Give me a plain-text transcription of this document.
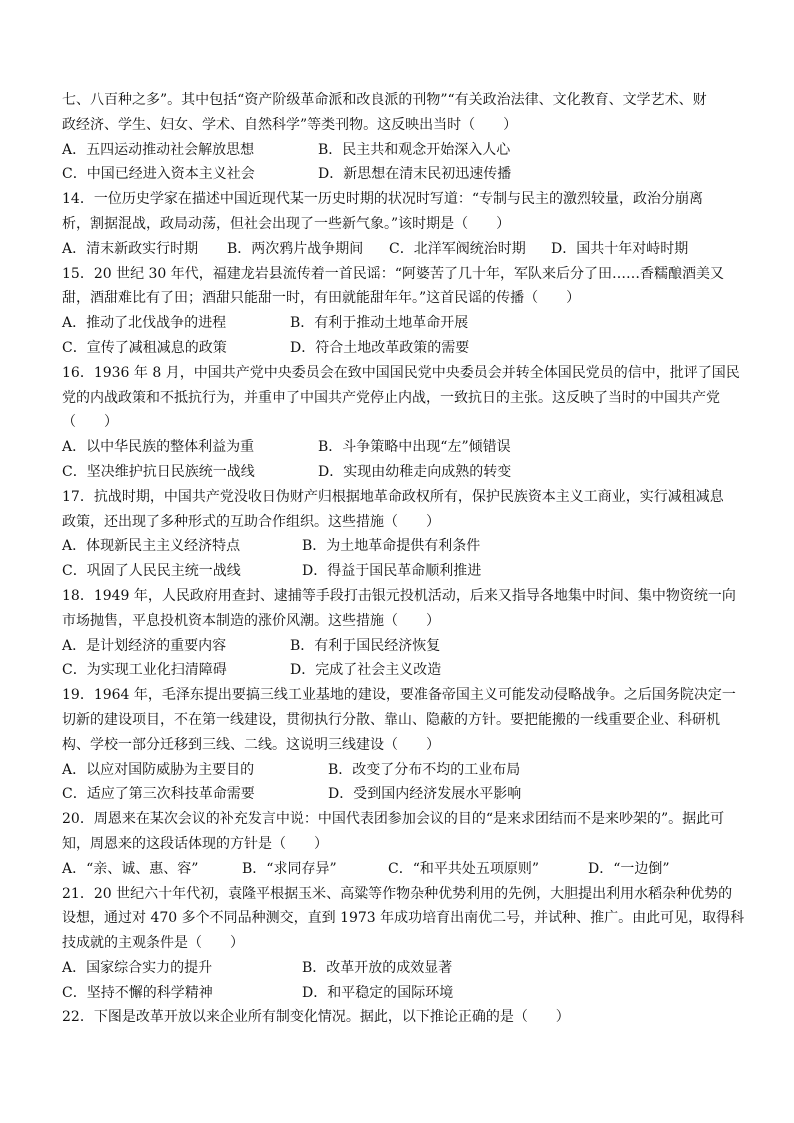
七、八百种之多”。其中包括“资产阶级革命派和改良派的刊物”“有关政治法律、文化教育、文学艺术、财
政经济、学生、妇女、学术、自然科学”等类刊物。这反映出当时（　　）
A．五四运动推动社会解放思想	B．民主共和观念开始深入人心
C．中国已经进入资本主义社会	D．新思想在清末民初迅速传播
14．一位历史学家在描述中国近现代某一历史时期的状况时写道：“专制与民主的激烈较量，政治分崩离
析，割据混战，政局动荡，但社会出现了一些新气象。”该时期是（　　）
A．清末新政实行时期	B．两次鸦片战争期间	C．北洋军阀统治时期	D．国共十年对峙时期
15．20 世纪 30 年代，福建龙岩县流传着一首民谣：“阿婆苦了几十年，军队来后分了田……香糯酿酒美又
甜，酒甜难比有了田；酒甜只能甜一时，有田就能甜年年。”这首民谣的传播（　　）
A．推动了北伐战争的进程	B．有利于推动土地革命开展
C．宣传了减租减息的政策	D．符合土地改革政策的需要
16．1936 年 8 月，中国共产党中央委员会在致中国国民党中央委员会并转全体国民党员的信中，批评了国民
党的内战政策和不抵抗行为，并重申了中国共产党停止内战，一致抗日的主张。这反映了当时的中国共产党
（　　）
A．以中华民族的整体利益为重	B．斗争策略中出现“左”倾错误
C．坚决维护抗日民族统一战线	D．实现由幼稚走向成熟的转变
17．抗战时期，中国共产党没收日伪财产归根据地革命政权所有，保护民族资本主义工商业，实行减租减息
政策，还出现了多种形式的互助合作组织。这些措施（　　）
A．体现新民主主义经济特点	B．为土地革命提供有利条件
C．巩固了人民民主统一战线	D．得益于国民革命顺利推进
18．1949 年，人民政府用查封、逮捕等手段打击银元投机活动，后来又指导各地集中时间、集中物资统一向
市场抛售，平息投机资本制造的涨价风潮。这些措施（　　）
A．是计划经济的重要内容	B．有利于国民经济恢复
C．为实现工业化扫清障碍	D．完成了社会主义改造
19．1964 年，毛泽东提出要搞三线工业基地的建设，要准备帝国主义可能发动侵略战争。之后国务院决定一
切新的建设项目，不在第一线建设，贯彻执行分散、靠山、隐蔽的方针。要把能搬的一线重要企业、科研机
构、学校一部分迁移到三线、二线。这说明三线建设（　　）
A．以应对国防威胁为主要目的	B．改变了分布不均的工业布局
C．适应了第三次科技革命需要	D．受到国内经济发展水平影响
20．周恩来在某次会议的补充发言中说：中国代表团参加会议的目的“是来求团结而不是来吵架的”。据此可
知，周恩来的这段话体现的方针是（　　）
A．“亲、诚、惠、容”	B．“求同存异”	C．“和平共处五项原则”	D．“一边倒”
21．20 世纪六十年代初，袁隆平根据玉米、高粱等作物杂种优势利用的先例，大胆提出利用水稻杂种优势的
设想，通过对 470 多个不同品种测交，直到 1973 年成功培育出南优二号，并试种、推广。由此可见，取得科
技成就的主观条件是（　　）
A．国家综合实力的提升	B．改革开放的成效显著
C．坚持不懈的科学精神	D．和平稳定的国际环境
22．下图是改革开放以来企业所有制变化情况。据此，以下推论正确的是（　　）
